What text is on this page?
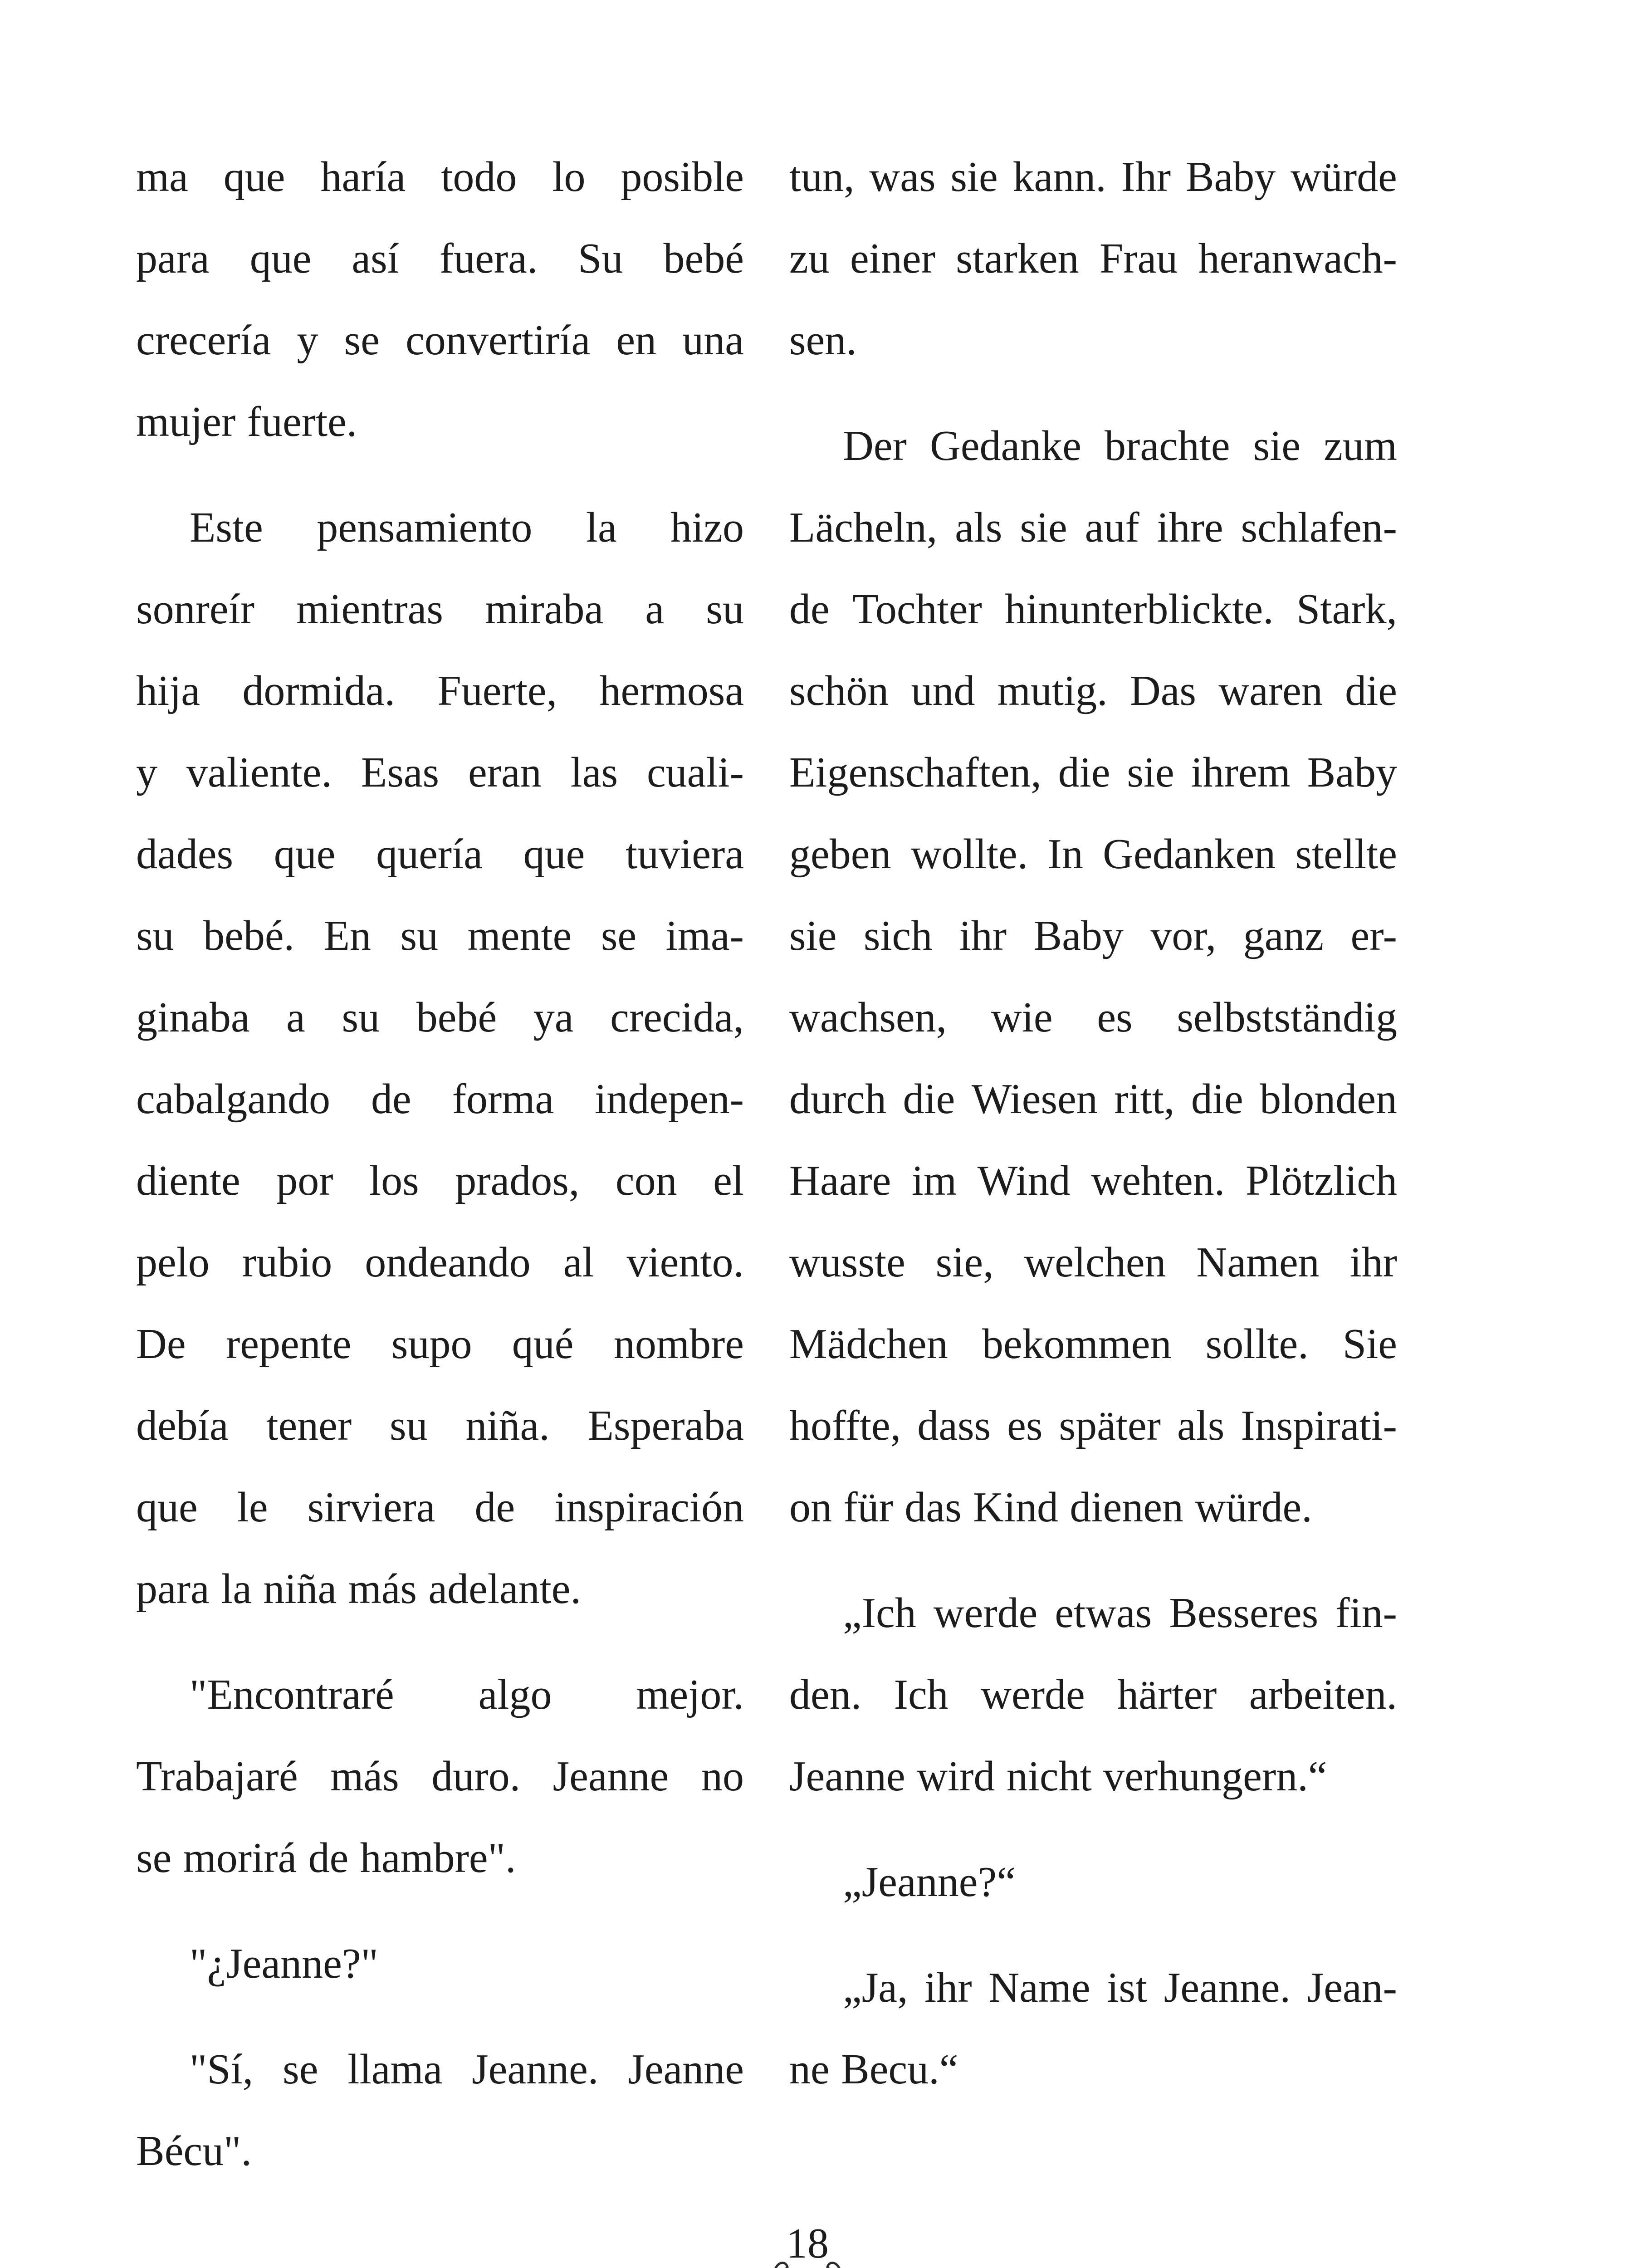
ma que haría todo lo posible
para que así fuera. Su bebé
crecería y se convertiría en una
mujer fuerte.
Este pensamiento la hizo
sonreír mientras miraba a su
hija dormida. Fuerte, hermosa
y valiente. Esas eran las cuali-
dades que quería que tuviera
su bebé. En su mente se ima-
ginaba a su bebé ya crecida,
cabalgando de forma indepen-
diente por los prados, con el
pelo rubio ondeando al viento.
De repente supo qué nombre
debía tener su niña. Esperaba
que le sirviera de inspiración
para la niña más adelante.
"Encontraré algo mejor.
Trabajaré más duro. Jeanne no
se morirá de hambre".
"¿Jeanne?"
"Sí, se llama Jeanne. Jeanne
Bécu".
tun, was sie kann. Ihr Baby würde
zu einer starken Frau heranwach-
sen.
Der Gedanke brachte sie zum
Lächeln, als sie auf ihre schlafen-
de Tochter hinunterblickte. Stark,
schön und mutig. Das waren die
Eigenschaften, die sie ihrem Baby
geben wollte. In Gedanken stellte
sie sich ihr Baby vor, ganz er-
wachsen, wie es selbstständig
durch die Wiesen ritt, die blonden
Haare im Wind wehten. Plötzlich
wusste sie, welchen Namen ihr
Mädchen bekommen sollte. Sie
hoffte, dass es später als Inspirati-
on für das Kind dienen würde.
„Ich werde etwas Besseres fin-
den. Ich werde härter arbeiten.
Jeanne wird nicht verhungern.“
„Jeanne?“
„Ja, ihr Name ist Jeanne. Jean-
ne Becu.“
18
